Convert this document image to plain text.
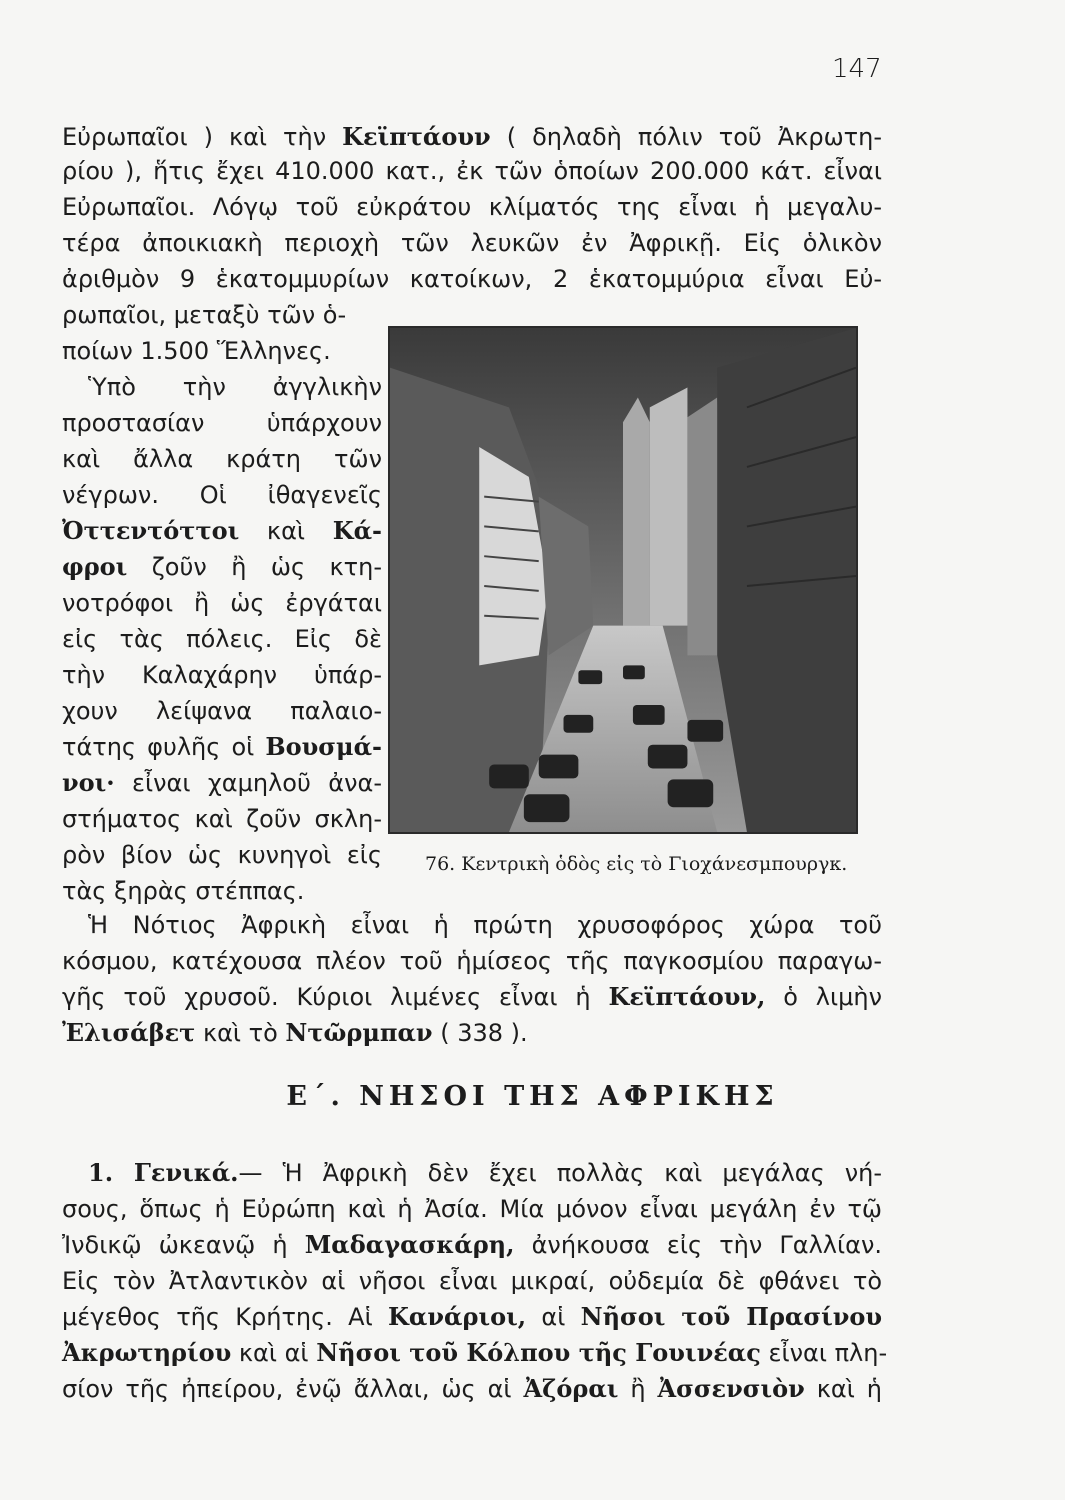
147
Εὐρωπαῖοι ) καὶ τὴν Κεϊπτάουν ( δηλαδὴ πόλιν τοῦ Ἀκρωτη-
ρίου ), ἥτις ἔχει 410.000 κατ., ἐκ τῶν ὁποίων 200.000 κάτ. εἶναι
Εὐρωπαῖοι. Λόγῳ τοῦ εὐκράτου κλίματός της εἶναι ἡ μεγαλυ-
τέρα ἀποικιακὴ περιοχὴ τῶν λευκῶν ἐν Ἀφρικῇ. Εἰς ὁλικὸν
ἀριθμὸν 9 ἑκατομμυρίων κατοίκων, 2 ἑκατομμύρια εἶναι Εὐ-
ρωπαῖοι, μεταξὺ τῶν ὁ-
ποίων 1.500 Ἕλληνες.
Ὑπὸ τὴν ἀγγλικὴν
προστασίαν ὑπάρχουν
καὶ ἄλλα κράτη τῶν
νέγρων. Οἱ ἰθαγενεῖς
Ὀττεντόττοι καὶ Κά-
φροι ζοῦν ἢ ὡς κτη-
νοτρόφοι ἢ ὡς ἐργάται
εἰς τὰς πόλεις. Εἰς δὲ
τὴν Καλαχάρην ὑπάρ-
χουν λείψανα παλαιο-
τάτης φυλῆς οἱ Βουσμά-
νοι· εἶναι χαμηλοῦ ἀνα-
στήματος καὶ ζοῦν σκλη-
ρὸν βίον ὡς κυνηγοὶ εἰς
τὰς ξηρὰς στέππας.
76. Κεντρικὴ ὁδὸς εἰς τὸ Γιοχάνεσμπουργκ.
Ἡ Νότιος Ἀφρικὴ εἶναι ἡ πρώτη χρυσοφόρος χώρα τοῦ
κόσμου, κατέχουσα πλέον τοῦ ἡμίσεος τῆς παγκοσμίου παραγω-
γῆς τοῦ χρυσοῦ. Κύριοι λιμένες εἶναι ἡ Κεϊπτάουν, ὁ λιμὴν
Ἐλισάβετ καὶ τὸ Ντῶρμπαν ( 338 ).
Ε΄. ΝΗΣΟΙ ΤΗΣ ΑΦΡΙΚΗΣ
1. Γενικά.— Ἡ Ἀφρικὴ δὲν ἔχει πολλὰς καὶ μεγάλας νή-
σους, ὅπως ἡ Εὐρώπη καὶ ἡ Ἀσία. Μία μόνον εἶναι μεγάλη ἐν τῷ
Ἰνδικῷ ὠκεανῷ ἡ Μαδαγασκάρη, ἀνήκουσα εἰς τὴν Γαλλίαν.
Εἰς τὸν Ἀτλαντικὸν αἱ νῆσοι εἶναι μικραί, οὐδεμία δὲ φθάνει τὸ
μέγεθος τῆς Κρήτης. Αἱ Κανάριοι, αἱ Νῆσοι τοῦ Πρασίνου
Ἀκρωτηρίου καὶ αἱ Νῆσοι τοῦ Κόλπου τῆς Γουινέας εἶναι πλη-
σίον τῆς ἠπείρου, ἐνῷ ἄλλαι, ὡς αἱ Ἀζόραι ἢ Ἀσσενσιὸν καὶ ἡ
